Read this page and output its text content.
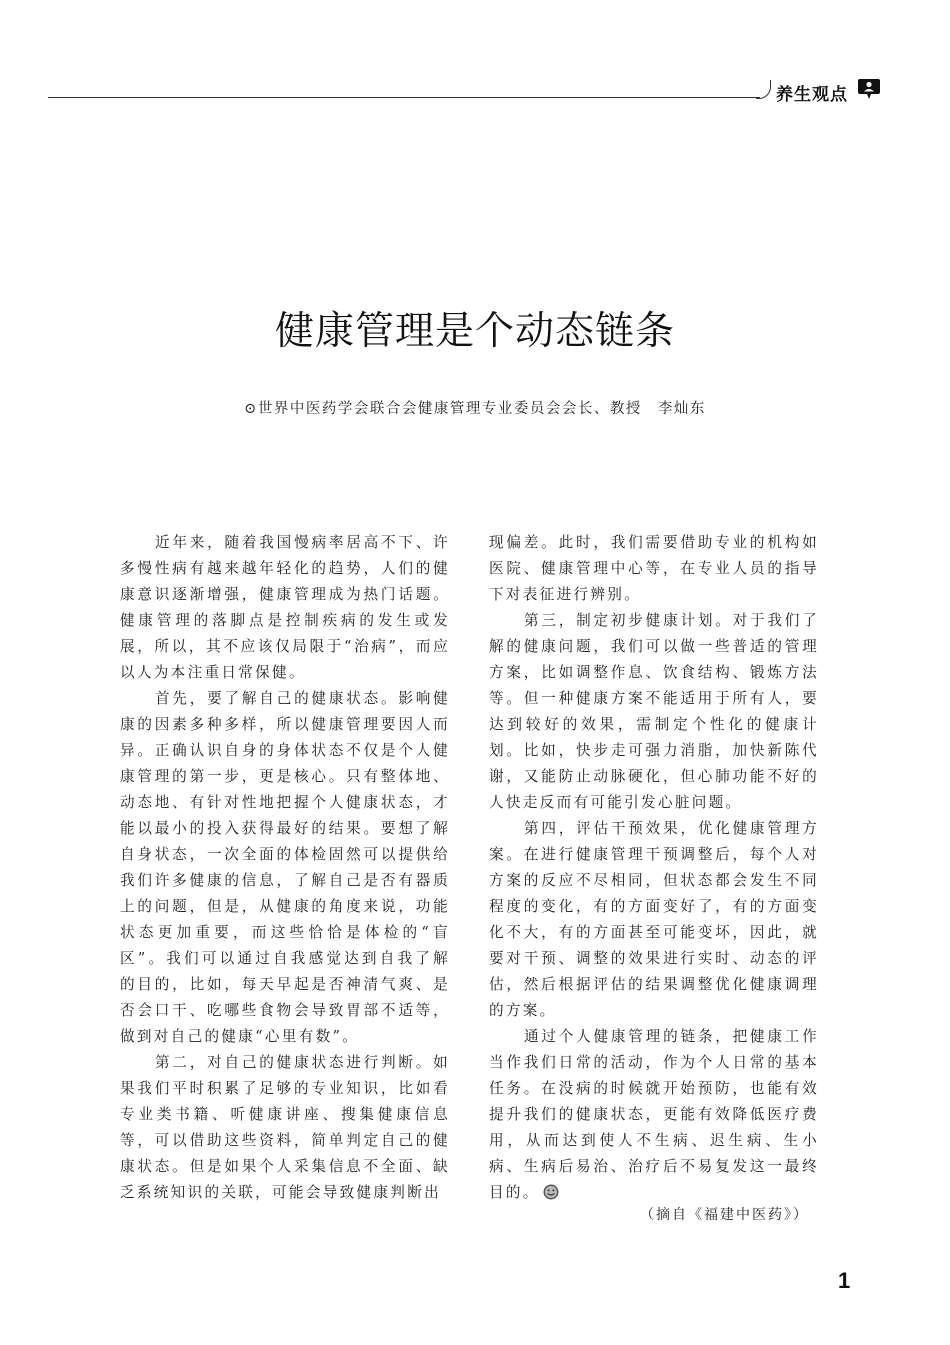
养生观点
健康管理是个动态链条
⊙世界中医药学会联合会健康管理专业委员会会长、教授　李灿东

近年来，随着我国慢病率居高不下、许多慢性病有越来越年轻化的趋势，人们的健康意识逐渐增强，健康管理成为热门话题。健康管理的落脚点是控制疾病的发生或发展，所以，其不应该仅局限于“治病”，而应以人为本注重日常保健。

首先，要了解自己的健康状态。影响健康的因素多种多样，所以健康管理要因人而异。正确认识自身的身体状态不仅是个人健康管理的第一步，更是核心。只有整体地、动态地、有针对性地把握个人健康状态，才能以最小的投入获得最好的结果。要想了解自身状态，一次全面的体检固然可以提供给我们许多健康的信息，了解自己是否有器质上的问题，但是，从健康的角度来说，功能状态更加重要，而这些恰恰是体检的“盲区”。我们可以通过自我感觉达到自我了解的目的，比如，每天早起是否神清气爽、是否会口干、吃哪些食物会导致胃部不适等，做到对自己的健康“心里有数”。

第二，对自己的健康状态进行判断。如果我们平时积累了足够的专业知识，比如看专业类书籍、听健康讲座、搜集健康信息等，可以借助这些资料，简单判定自己的健康状态。但是如果个人采集信息不全面、缺乏系统知识的关联，可能会导致健康判断出

现偏差。此时，我们需要借助专业的机构如医院、健康管理中心等，在专业人员的指导下对表征进行辨别。

第三，制定初步健康计划。对于我们了解的健康问题，我们可以做一些普适的管理方案，比如调整作息、饮食结构、锻炼方法等。但一种健康方案不能适用于所有人，要达到较好的效果，需制定个性化的健康计划。比如，快步走可强力消脂，加快新陈代谢，又能防止动脉硬化，但心肺功能不好的人快走反而有可能引发心脏问题。

第四，评估干预效果，优化健康管理方案。在进行健康管理干预调整后，每个人对方案的反应不尽相同，但状态都会发生不同程度的变化，有的方面变好了，有的方面变化不大，有的方面甚至可能变坏，因此，就要对干预、调整的效果进行实时、动态的评估，然后根据评估的结果调整优化健康调理的方案。

通过个人健康管理的链条，把健康工作当作我们日常的活动，作为个人日常的基本任务。在没病的时候就开始预防，也能有效提升我们的健康状态，更能有效降低医疗费用，从而达到使人不生病、迟生病、生小病、生病后易治、治疗后不易复发这一最终目的。

（摘自《福建中医药》）
1
